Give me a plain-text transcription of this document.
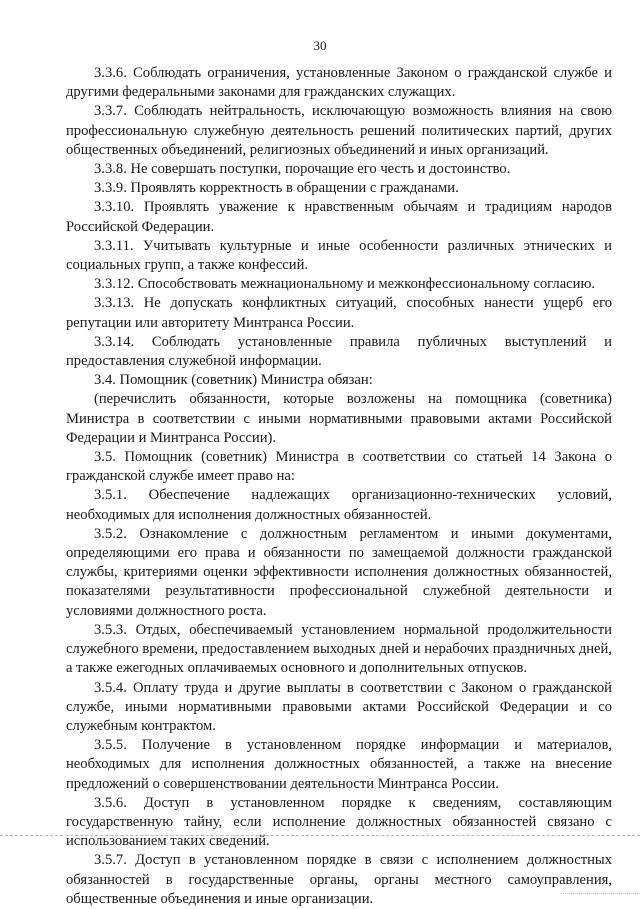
30

3.3.6. Соблюдать ограничения, установленные Законом о гражданской службе и другими федеральными законами для гражданских служащих.

3.3.7. Соблюдать нейтральность, исключающую возможность влияния на свою профессиональную служебную деятельность решений политических партий, других общественных объединений, религиозных объединений и иных организаций.

3.3.8. Не совершать поступки, порочащие его честь и достоинство.

3.3.9. Проявлять корректность в обращении с гражданами.

3.3.10. Проявлять уважение к нравственным обычаям и традициям народов Российской Федерации.

3.3.11. Учитывать культурные и иные особенности различных этнических и социальных групп, а также конфессий.

3.3.12. Способствовать межнациональному и межконфессиональному согласию.

3.3.13. Не допускать конфликтных ситуаций, способных нанести ущерб его репутации или авторитету Минтранса России.

3.3.14. Соблюдать установленные правила публичных выступлений и предоставления служебной информации.

3.4. Помощник (советник) Министра обязан:

(перечислить обязанности, которые возложены на помощника (советника) Министра в соответствии с иными нормативными правовыми актами Российской Федерации и Минтранса России).

3.5. Помощник (советник) Министра в соответствии со статьей 14 Закона о гражданской службе имеет право на:

3.5.1. Обеспечение надлежащих организационно-технических условий, необходимых для исполнения должностных обязанностей.

3.5.2. Ознакомление с должностным регламентом и иными документами, определяющими его права и обязанности по замещаемой должности гражданской службы, критериями оценки эффективности исполнения должностных обязанностей, показателями результативности профессиональной служебной деятельности и условиями должностного роста.

3.5.3. Отдых, обеспечиваемый установлением нормальной продолжительности служебного времени, предоставлением выходных дней и нерабочих праздничных дней, а также ежегодных оплачиваемых основного и дополнительных отпусков.

3.5.4. Оплату труда и другие выплаты в соответствии с Законом о гражданской службе, иными нормативными правовыми актами Российской Федерации и со служебным контрактом.

3.5.5. Получение в установленном порядке информации и материалов, необходимых для исполнения должностных обязанностей, а также на внесение предложений о совершенствовании деятельности Минтранса России.

3.5.6. Доступ в установленном порядке к сведениям, составляющим государственную тайну, если исполнение должностных обязанностей связано с использованием таких сведений.

3.5.7. Доступ в установленном порядке в связи с исполнением должностных обязанностей в государственные органы, органы местного самоуправления, общественные объединения и иные организации.
